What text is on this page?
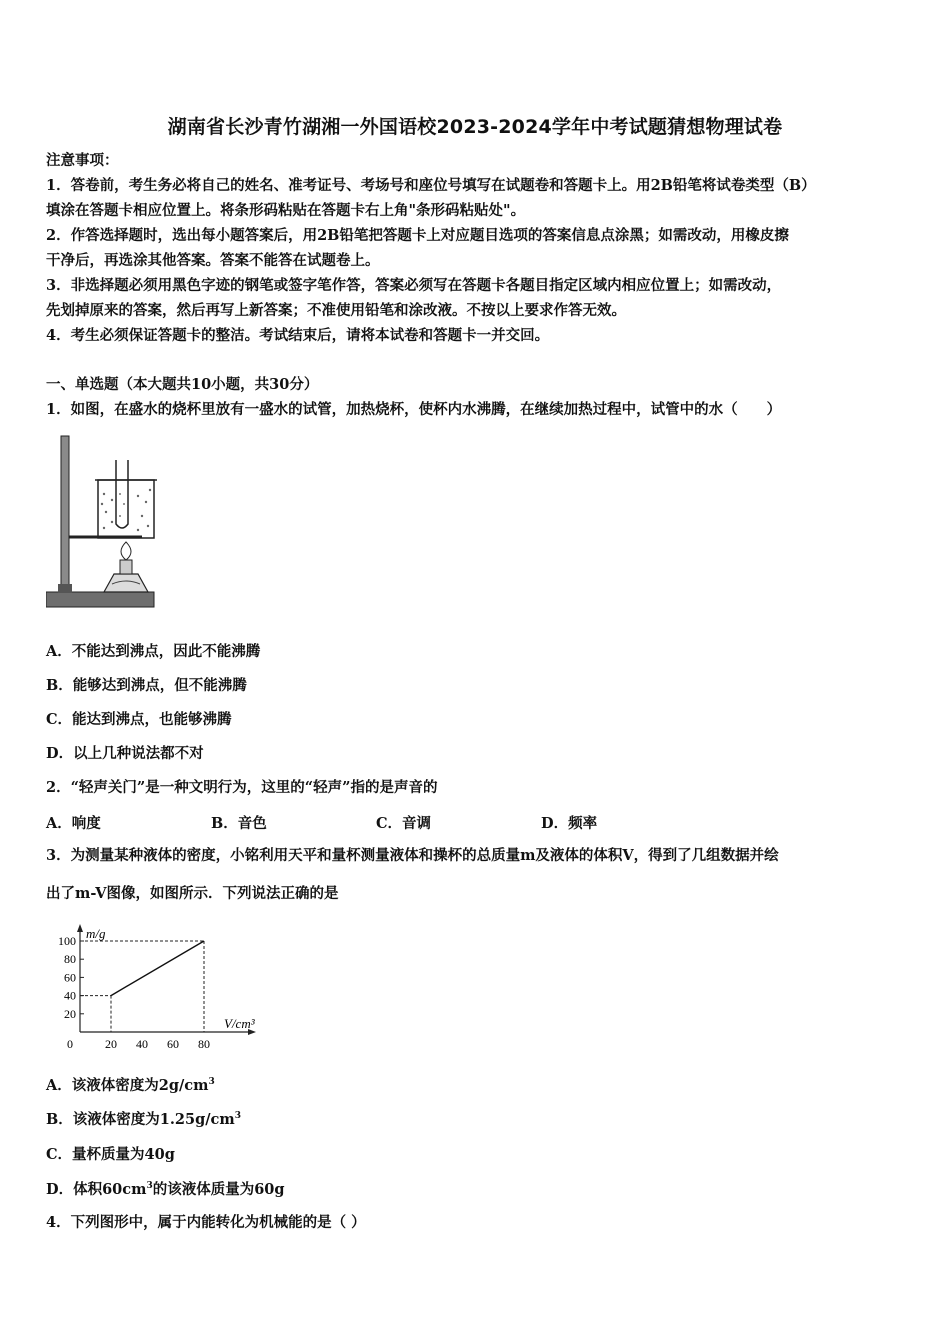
湖南省长沙青竹湖湘一外国语校2023-2024学年中考试题猜想物理试卷
注意事项：
1．答卷前，考生务必将自己的姓名、准考证号、考场号和座位号填写在试题卷和答题卡上。用2B铅笔将试卷类型（B）
填涂在答题卡相应位置上。将条形码粘贴在答题卡右上角"条形码粘贴处"。
2．作答选择题时，选出每小题答案后，用2B铅笔把答题卡上对应题目选项的答案信息点涂黑；如需改动，用橡皮擦
干净后，再选涂其他答案。答案不能答在试题卷上。
3．非选择题必须用黑色字迹的钢笔或签字笔作答，答案必须写在答题卡各题目指定区域内相应位置上；如需改动，
先划掉原来的答案，然后再写上新答案；不准使用铅笔和涂改液。不按以上要求作答无效。
4．考生必须保证答题卡的整洁。考试结束后，请将本试卷和答题卡一并交回。
一、单选题（本大题共10小题，共30分）
1．如图，在盛水的烧杯里放有一盛水的试管，加热烧杯，使杯内水沸腾，在继续加热过程中，试管中的水（　　）
A．不能达到沸点，因此不能沸腾
B．能够达到沸点，但不能沸腾
C．能达到沸点，也能够沸腾
D．以上几种说法都不对
2．“轻声关门”是一种文明行为，这里的“轻声”指的是声音的
A．响度	B．音色	C．音调	D．频率
3．为测量某种液体的密度，小铭利用天平和量杯测量液体和操杯的总质量m及液体的体积V，得到了几组数据并绘
出了m-V图像，如图所示．下列说法正确的是
m/g
V/cm³
20
40
60
80
100
0	20 40 60 80
A．该液体密度为$2g/cm^3$
B．该液体密度为$1.25g/cm^3$
C．量杯质量为40g
D．体积$60cm^3$的该液体质量为60g
4．下列图形中，属于内能转化为机械能的是（ ）
